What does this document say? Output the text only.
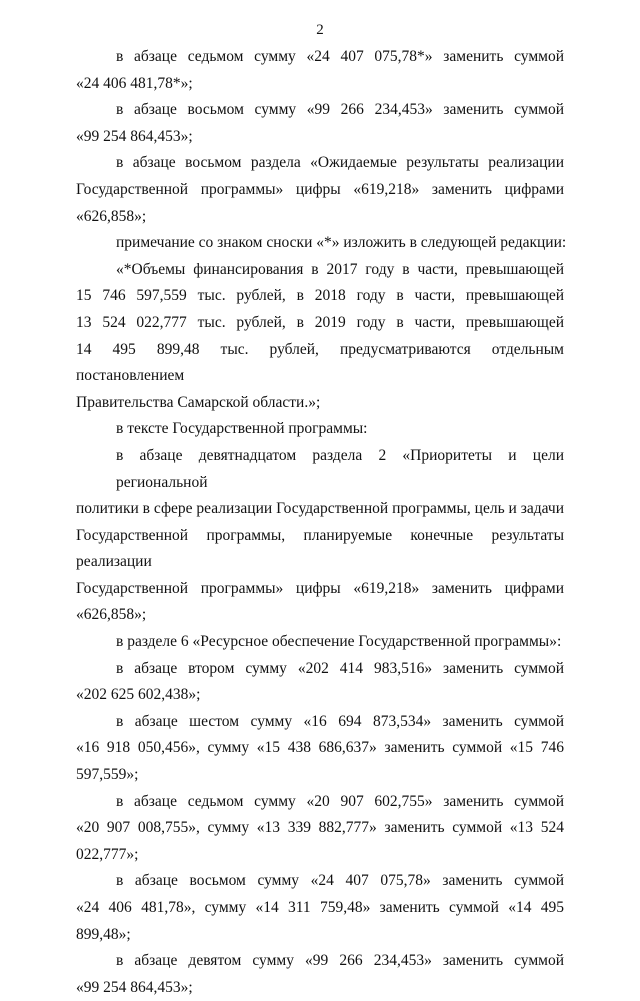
2
в абзаце седьмом сумму «24 407 075,78*» заменить суммой
«24 406 481,78*»;
в абзаце восьмом сумму «99 266 234,453» заменить суммой
«99 254 864,453»;
в абзаце восьмом раздела «Ожидаемые результаты реализации
Государственной программы» цифры «619,218» заменить цифрами «626,858»;
примечание со знаком сноски «*» изложить в следующей редакции:
«*Объемы финансирования в 2017 году в части, превышающей
15 746 597,559 тыс. рублей, в 2018 году в части, превышающей
13 524 022,777 тыс. рублей, в 2019 году в части, превышающей
14 495 899,48 тыс. рублей, предусматриваются отдельным постановлением
Правительства Самарской области.»;
в тексте Государственной программы:
в абзаце девятнадцатом раздела 2 «Приоритеты и цели региональной
политики в сфере реализации Государственной программы, цель и задачи
Государственной программы, планируемые конечные результаты реализации
Государственной программы» цифры «619,218» заменить цифрами «626,858»;
в разделе 6 «Ресурсное обеспечение Государственной программы»:
в абзаце втором сумму «202 414 983,516» заменить суммой
«202 625 602,438»;
в абзаце шестом сумму «16 694 873,534» заменить суммой
«16 918 050,456», сумму «15 438 686,637» заменить суммой «15 746 597,559»;
в абзаце седьмом сумму «20 907 602,755» заменить суммой
«20 907 008,755», сумму «13 339 882,777» заменить суммой «13 524 022,777»;
в абзаце восьмом сумму «24 407 075,78» заменить суммой
«24 406 481,78», сумму «14 311 759,48» заменить суммой «14 495 899,48»;
в абзаце девятом сумму «99 266 234,453» заменить суммой
«99 254 864,453»;
